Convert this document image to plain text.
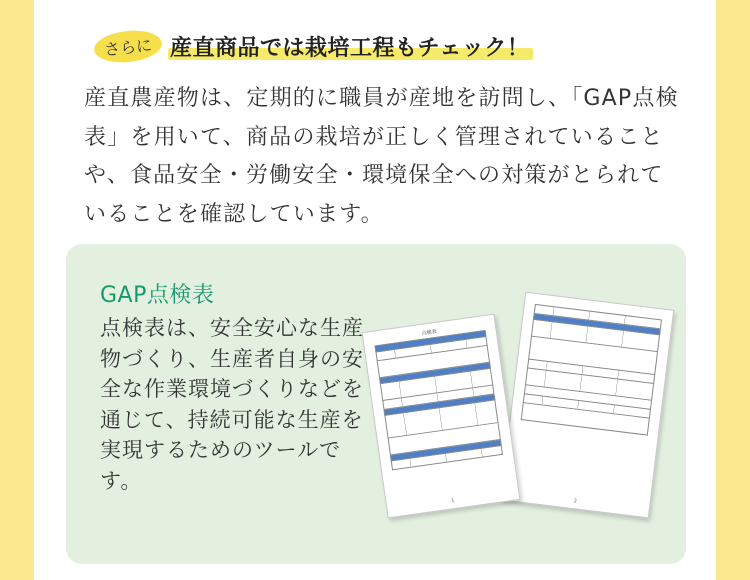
さらに 産直商品では栽培工程もチェック！

産直農産物は、定期的に職員が産地を訪問し、「GAP点検表」を用いて、商品の栽培が正しく管理されていることや、食品安全・労働安全・環境保全への対策がとられていることを確認しています。

GAP点検表

点検表は、安全安心な生産物づくり、生産者自身の安全な作業環境づくりなどを通じて、持続可能な生産を実現するためのツールです。

2
点検表
1
